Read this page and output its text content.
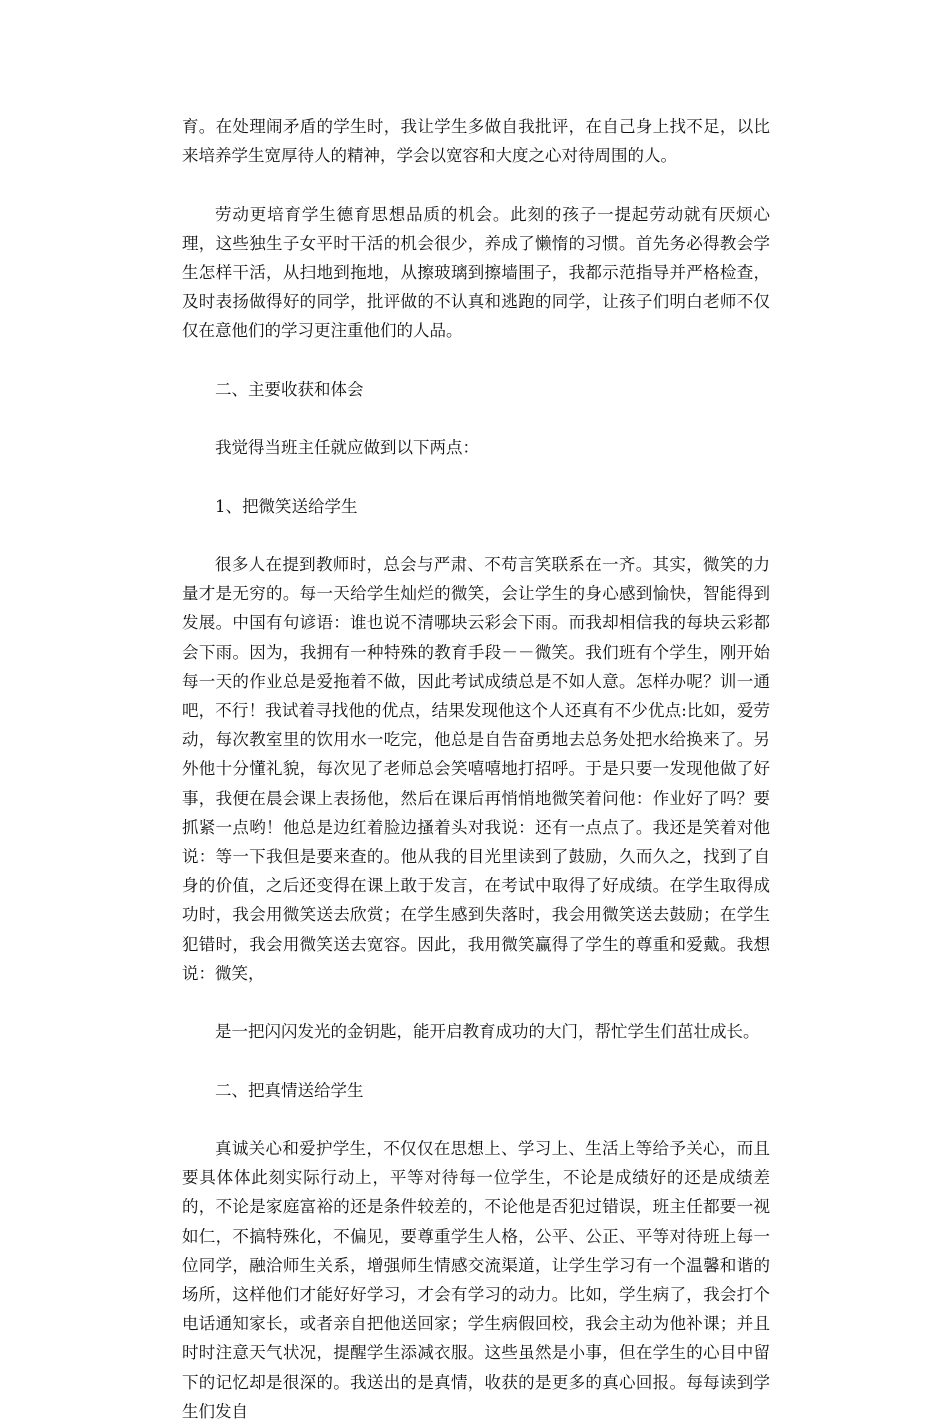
育。在处理闹矛盾的学生时，我让学生多做自我批评，在自己身上找不足，以比来培养学生宽厚待人的精神，学会以宽容和大度之心对待周围的人。

劳动更培育学生德育思想品质的机会。此刻的孩子一提起劳动就有厌烦心理，这些独生子女平时干活的机会很少，养成了懒惰的习惯。首先务必得教会学生怎样干活，从扫地到拖地，从擦玻璃到擦墙围子，我都示范指导并严格检查，及时表扬做得好的同学，批评做的不认真和逃跑的同学，让孩子们明白老师不仅仅在意他们的学习更注重他们的人品。

二、主要收获和体会

我觉得当班主任就应做到以下两点：

1、把微笑送给学生

很多人在提到教师时，总会与严肃、不苟言笑联系在一齐。其实，微笑的力量才是无穷的。每一天给学生灿烂的微笑，会让学生的身心感到愉快，智能得到发展。中国有句谚语：谁也说不清哪块云彩会下雨。而我却相信我的每块云彩都会下雨。因为，我拥有一种特殊的教育手段－－微笑。我们班有个学生，刚开始每一天的作业总是爱拖着不做，因此考试成绩总是不如人意。怎样办呢？训一通吧，不行！我试着寻找他的优点，结果发现他这个人还真有不少优点:比如，爱劳动，每次教室里的饮用水一吃完，他总是自告奋勇地去总务处把水给换来了。另外他十分懂礼貌，每次见了老师总会笑嘻嘻地打招呼。于是只要一发现他做了好事，我便在晨会课上表扬他，然后在课后再悄悄地微笑着问他：作业好了吗？要抓紧一点哟！他总是边红着脸边搔着头对我说：还有一点点了。我还是笑着对他说：等一下我但是要来查的。他从我的目光里读到了鼓励，久而久之，找到了自身的价值，之后还变得在课上敢于发言，在考试中取得了好成绩。在学生取得成功时，我会用微笑送去欣赏；在学生感到失落时，我会用微笑送去鼓励；在学生犯错时，我会用微笑送去宽容。因此，我用微笑赢得了学生的尊重和爱戴。我想说：微笑，

是一把闪闪发光的金钥匙，能开启教育成功的大门，帮忙学生们茁壮成长。

二、把真情送给学生

真诚关心和爱护学生，不仅仅在思想上、学习上、生活上等给予关心，而且要具体体此刻实际行动上，平等对待每一位学生，不论是成绩好的还是成绩差的，不论是家庭富裕的还是条件较差的，不论他是否犯过错误，班主任都要一视如仁，不搞特殊化，不偏见，要尊重学生人格，公平、公正、平等对待班上每一位同学，融洽师生关系，增强师生情感交流渠道，让学生学习有一个温馨和谐的场所，这样他们才能好好学习，才会有学习的动力。比如，学生病了，我会打个电话通知家长，或者亲自把他送回家；学生病假回校，我会主动为他补课；并且时时注意天气状况，提醒学生添减衣服。这些虽然是小事，但在学生的心目中留下的记忆却是很深的。我送出的是真情，收获的是更多的真心回报。每每读到学生们发自
